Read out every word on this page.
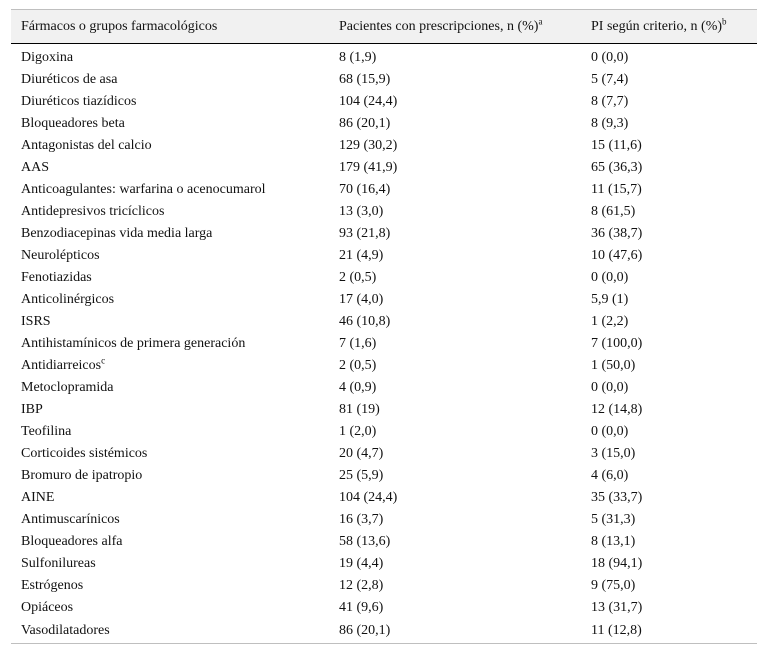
Fármacos o grupos farmacológicos	Pacientes con prescripciones, n (%)$^a$	PI según criterio, n (%)$^b$
Digoxina	8 (1,9)	0 (0,0)
Diuréticos de asa	68 (15,9)	5 (7,4)
Diuréticos tiazídicos	104 (24,4)	8 (7,7)
Bloqueadores beta	86 (20,1)	8 (9,3)
Antagonistas del calcio	129 (30,2)	15 (11,6)
AAS	179 (41,9)	65 (36,3)
Anticoagulantes: warfarina o acenocumarol	70 (16,4)	11 (15,7)
Antidepresivos tricíclicos	13 (3,0)	8 (61,5)
Benzodiacepinas vida media larga	93 (21,8)	36 (38,7)
Neurolépticos	21 (4,9)	10 (47,6)
Fenotiazidas	2 (0,5)	0 (0,0)
Anticolinérgicos	17 (4,0)	5,9 (1)
ISRS	46 (10,8)	1 (2,2)
Antihistamínicos de primera generación	7 (1,6)	7 (100,0)
Antidiarreicos$^c$	2 (0,5)	1 (50,0)
Metoclopramida	4 (0,9)	0 (0,0)
IBP	81 (19)	12 (14,8)
Teofilina	1 (2,0)	0 (0,0)
Corticoides sistémicos	20 (4,7)	3 (15,0)
Bromuro de ipatropio	25 (5,9)	4 (6,0)
AINE	104 (24,4)	35 (33,7)
Antimuscarínicos	16 (3,7)	5 (31,3)
Bloqueadores alfa	58 (13,6)	8 (13,1)
Sulfonilureas	19 (4,4)	18 (94,1)
Estrógenos	12 (2,8)	9 (75,0)
Opiáceos	41 (9,6)	13 (31,7)
Vasodilatadores	86 (20,1)	11 (12,8)
